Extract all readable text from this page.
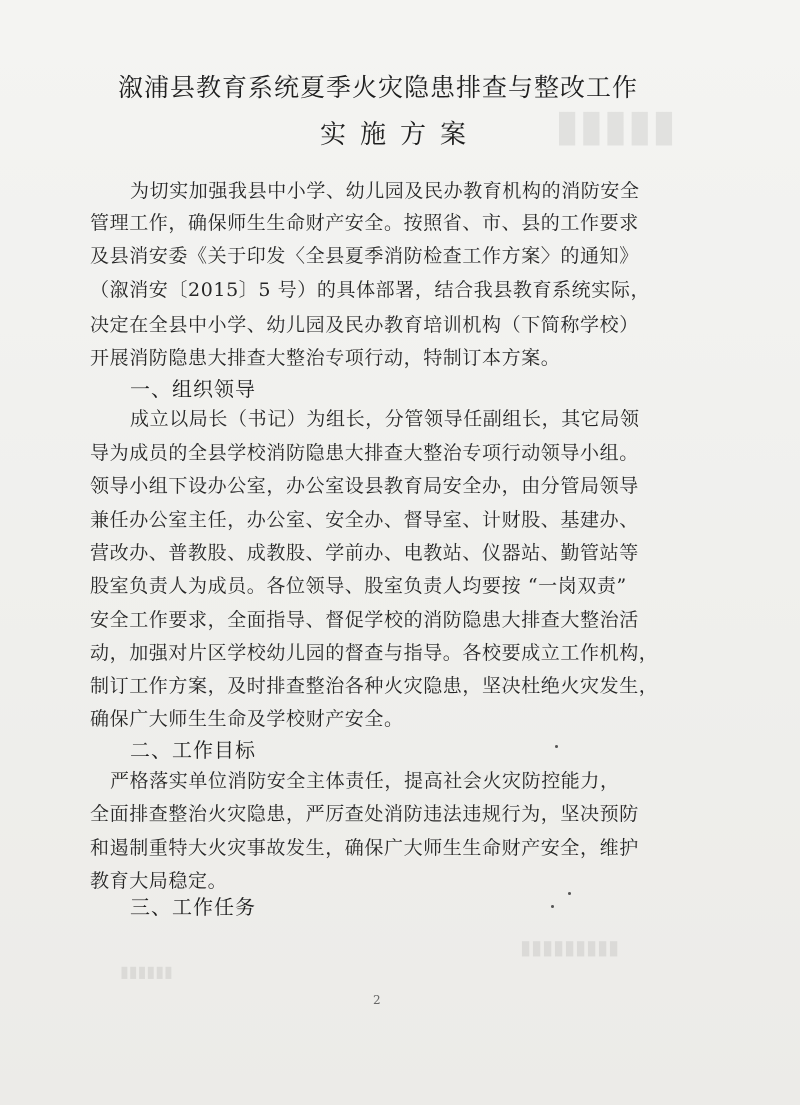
▮▮▮▮▮
▮▮▮▮▮▮▮▮▮
▮▮▮▮▮▮
溆浦县教育系统夏季火灾隐患排查与整改工作
实施方案
为切实加强我县中小学、幼儿园及民办教育机构的消防安全
管理工作，确保师生生命财产安全。按照省、市、县的工作要求
及县消安委《关于印发〈全县夏季消防检查工作方案〉的通知》
（溆消安〔2015〕5 号）的具体部署，结合我县教育系统实际，
决定在全县中小学、幼儿园及民办教育培训机构（下简称学校）
开展消防隐患大排查大整治专项行动，特制订本方案。
一、组织领导
成立以局长（书记）为组长，分管领导任副组长，其它局领
导为成员的全县学校消防隐患大排查大整治专项行动领导小组。
领导小组下设办公室，办公室设县教育局安全办，由分管局领导
兼任办公室主任，办公室、安全办、督导室、计财股、基建办、
营改办、普教股、成教股、学前办、电教站、仪器站、勤管站等
股室负责人为成员。各位领导、股室负责人均要按 “一岗双责”
安全工作要求，全面指导、督促学校的消防隐患大排查大整治活
动，加强对片区学校幼儿园的督查与指导。各校要成立工作机构，
制订工作方案，及时排查整治各种火灾隐患，坚决杜绝火灾发生，
确保广大师生生命及学校财产安全。
二、工作目标
严格落实单位消防安全主体责任，提高社会火灾防控能力，
全面排查整治火灾隐患，严厉查处消防违法违规行为，坚决预防
和遏制重特大火灾事故发生，确保广大师生生命财产安全，维护
教育大局稳定。
三、工作任务
2
